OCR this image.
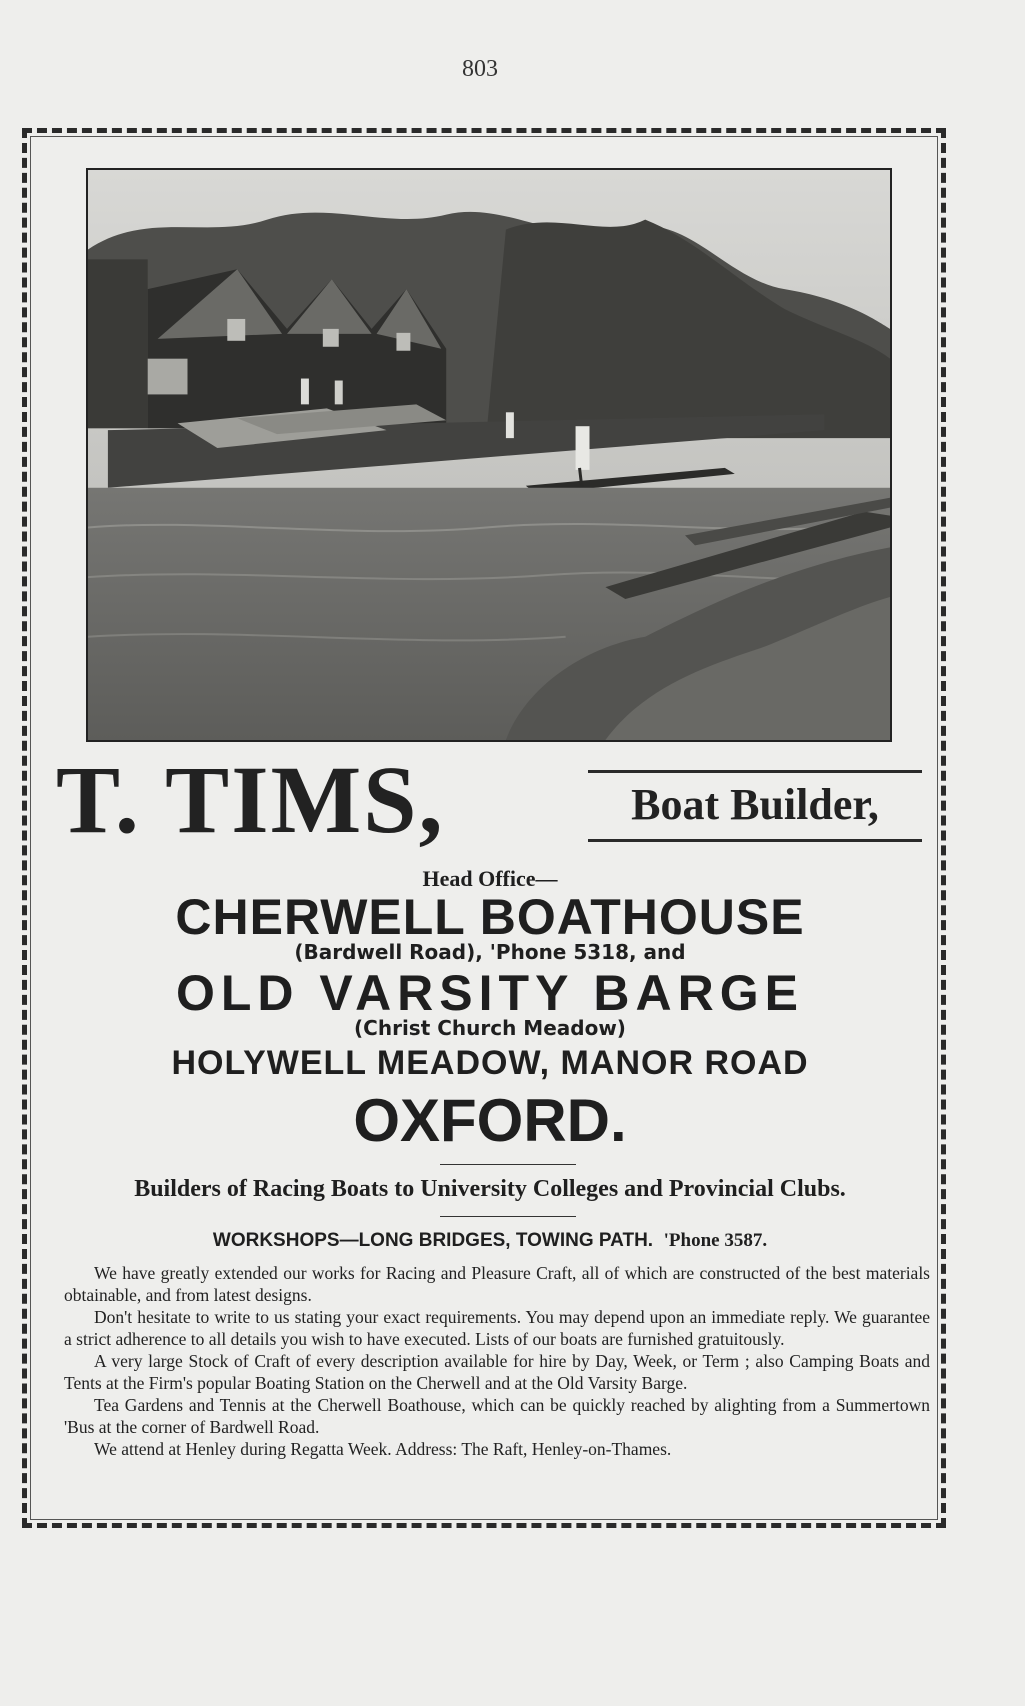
803
T. TIMS,	Boat Builder,

Head Office—

CHERWELL BOATHOUSE

(Bardwell Road), 'Phone 5318, and

OLD VARSITY BARGE

(Christ Church Meadow)

HOLYWELL MEADOW, MANOR ROAD

OXFORD.

Builders of Racing Boats to University Colleges and Provincial Clubs.

WORKSHOPS—LONG BRIDGES, TOWING PATH. 'Phone 3587.

We have greatly extended our works for Racing and Pleasure Craft, all of which are constructed of the best materials obtainable, and from latest designs.

Don't hesitate to write to us stating your exact requirements. You may depend upon an immediate reply. We guarantee a strict adherence to all details you wish to have executed. Lists of our boats are furnished gratuitously.

A very large Stock of Craft of every description available for hire by Day, Week, or Term ; also Camping Boats and Tents at the Firm's popular Boating Station on the Cherwell and at the Old Varsity Barge.

Tea Gardens and Tennis at the Cherwell Boathouse, which can be quickly reached by alighting from a Summertown 'Bus at the corner of Bardwell Road.

We attend at Henley during Regatta Week. Address: The Raft, Henley-on-Thames.
